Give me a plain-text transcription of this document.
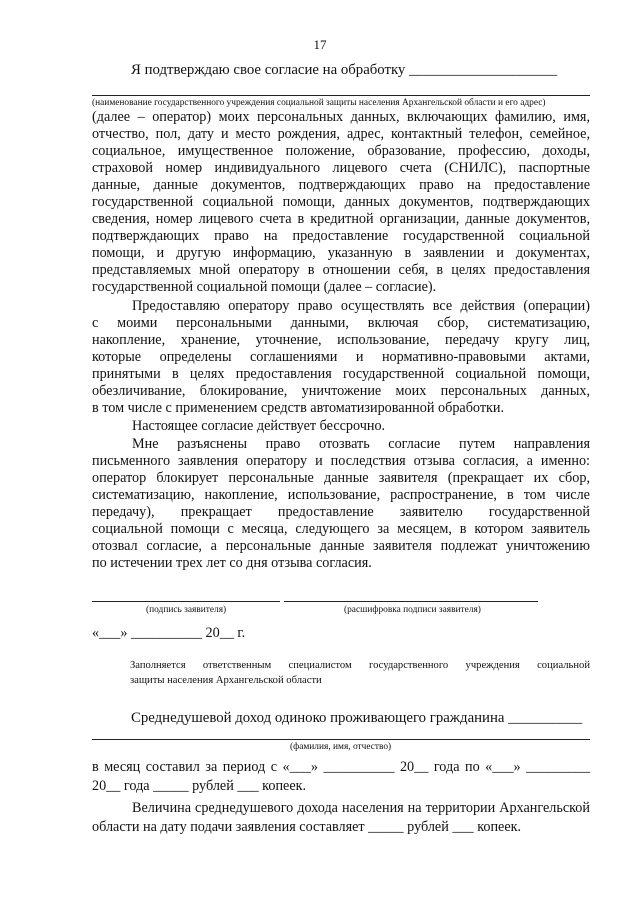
17
Я подтверждаю свое согласие на обработку ____________________
(наименование государственного учреждения социальной защиты населения Архангельской области и его адрес)
(далее – оператор) моих персональных данных, включающих фамилию, имя,
отчество, пол, дату и место рождения, адрес, контактный телефон, семейное,
социальное, имущественное положение, образование, профессию, доходы,
страховой номер индивидуального лицевого счета (СНИЛС), паспортные
данные, данные документов, подтверждающих право на предоставление
государственной социальной помощи, данных документов, подтверждающих
сведения, номер лицевого счета в кредитной организации, данные документов,
подтверждающих право на предоставление государственной социальной
помощи, и другую информацию, указанную в заявлении и документах,
представляемых мной оператору в отношении себя, в целях предоставления
государственной социальной помощи (далее – согласие).
Предоставляю оператору право осуществлять все действия (операции)
с моими персональными данными, включая сбор, систематизацию,
накопление, хранение, уточнение, использование, передачу кругу лиц,
которые определены соглашениями и нормативно-правовыми актами,
принятыми в целях предоставления государственной социальной помощи,
обезличивание, блокирование, уничтожение моих персональных данных,
в том числе с применением средств автоматизированной обработки.
Настоящее согласие действует бессрочно.
Мне разъяснены право отозвать согласие путем направления
письменного заявления оператору и последствия отзыва согласия, а именно:
оператор блокирует персональные данные заявителя (прекращает их сбор,
систематизацию, накопление, использование, распространение, в том числе
передачу), прекращает предоставление заявителю государственной
социальной помощи с месяца, следующего за месяцем, в котором заявитель
отозвал согласие, а персональные данные заявителя подлежат уничтожению
по истечении трех лет со дня отзыва согласия.
(подпись заявителя)	(расшифровка подписи заявителя)
«___» __________ 20__ г.
Заполняется ответственным специалистом государственного учреждения социальной
защиты населения Архангельской области
Среднедушевой доход одиноко проживающего гражданина __________
(фамилия, имя, отчество)
в месяц составил за период с «___» __________ 20__ года по «___» _________
20__ года _____ рублей ___ копеек.
Величина среднедушевого дохода населения на территории Архангельской
области на дату подачи заявления составляет _____ рублей ___ копеек.
